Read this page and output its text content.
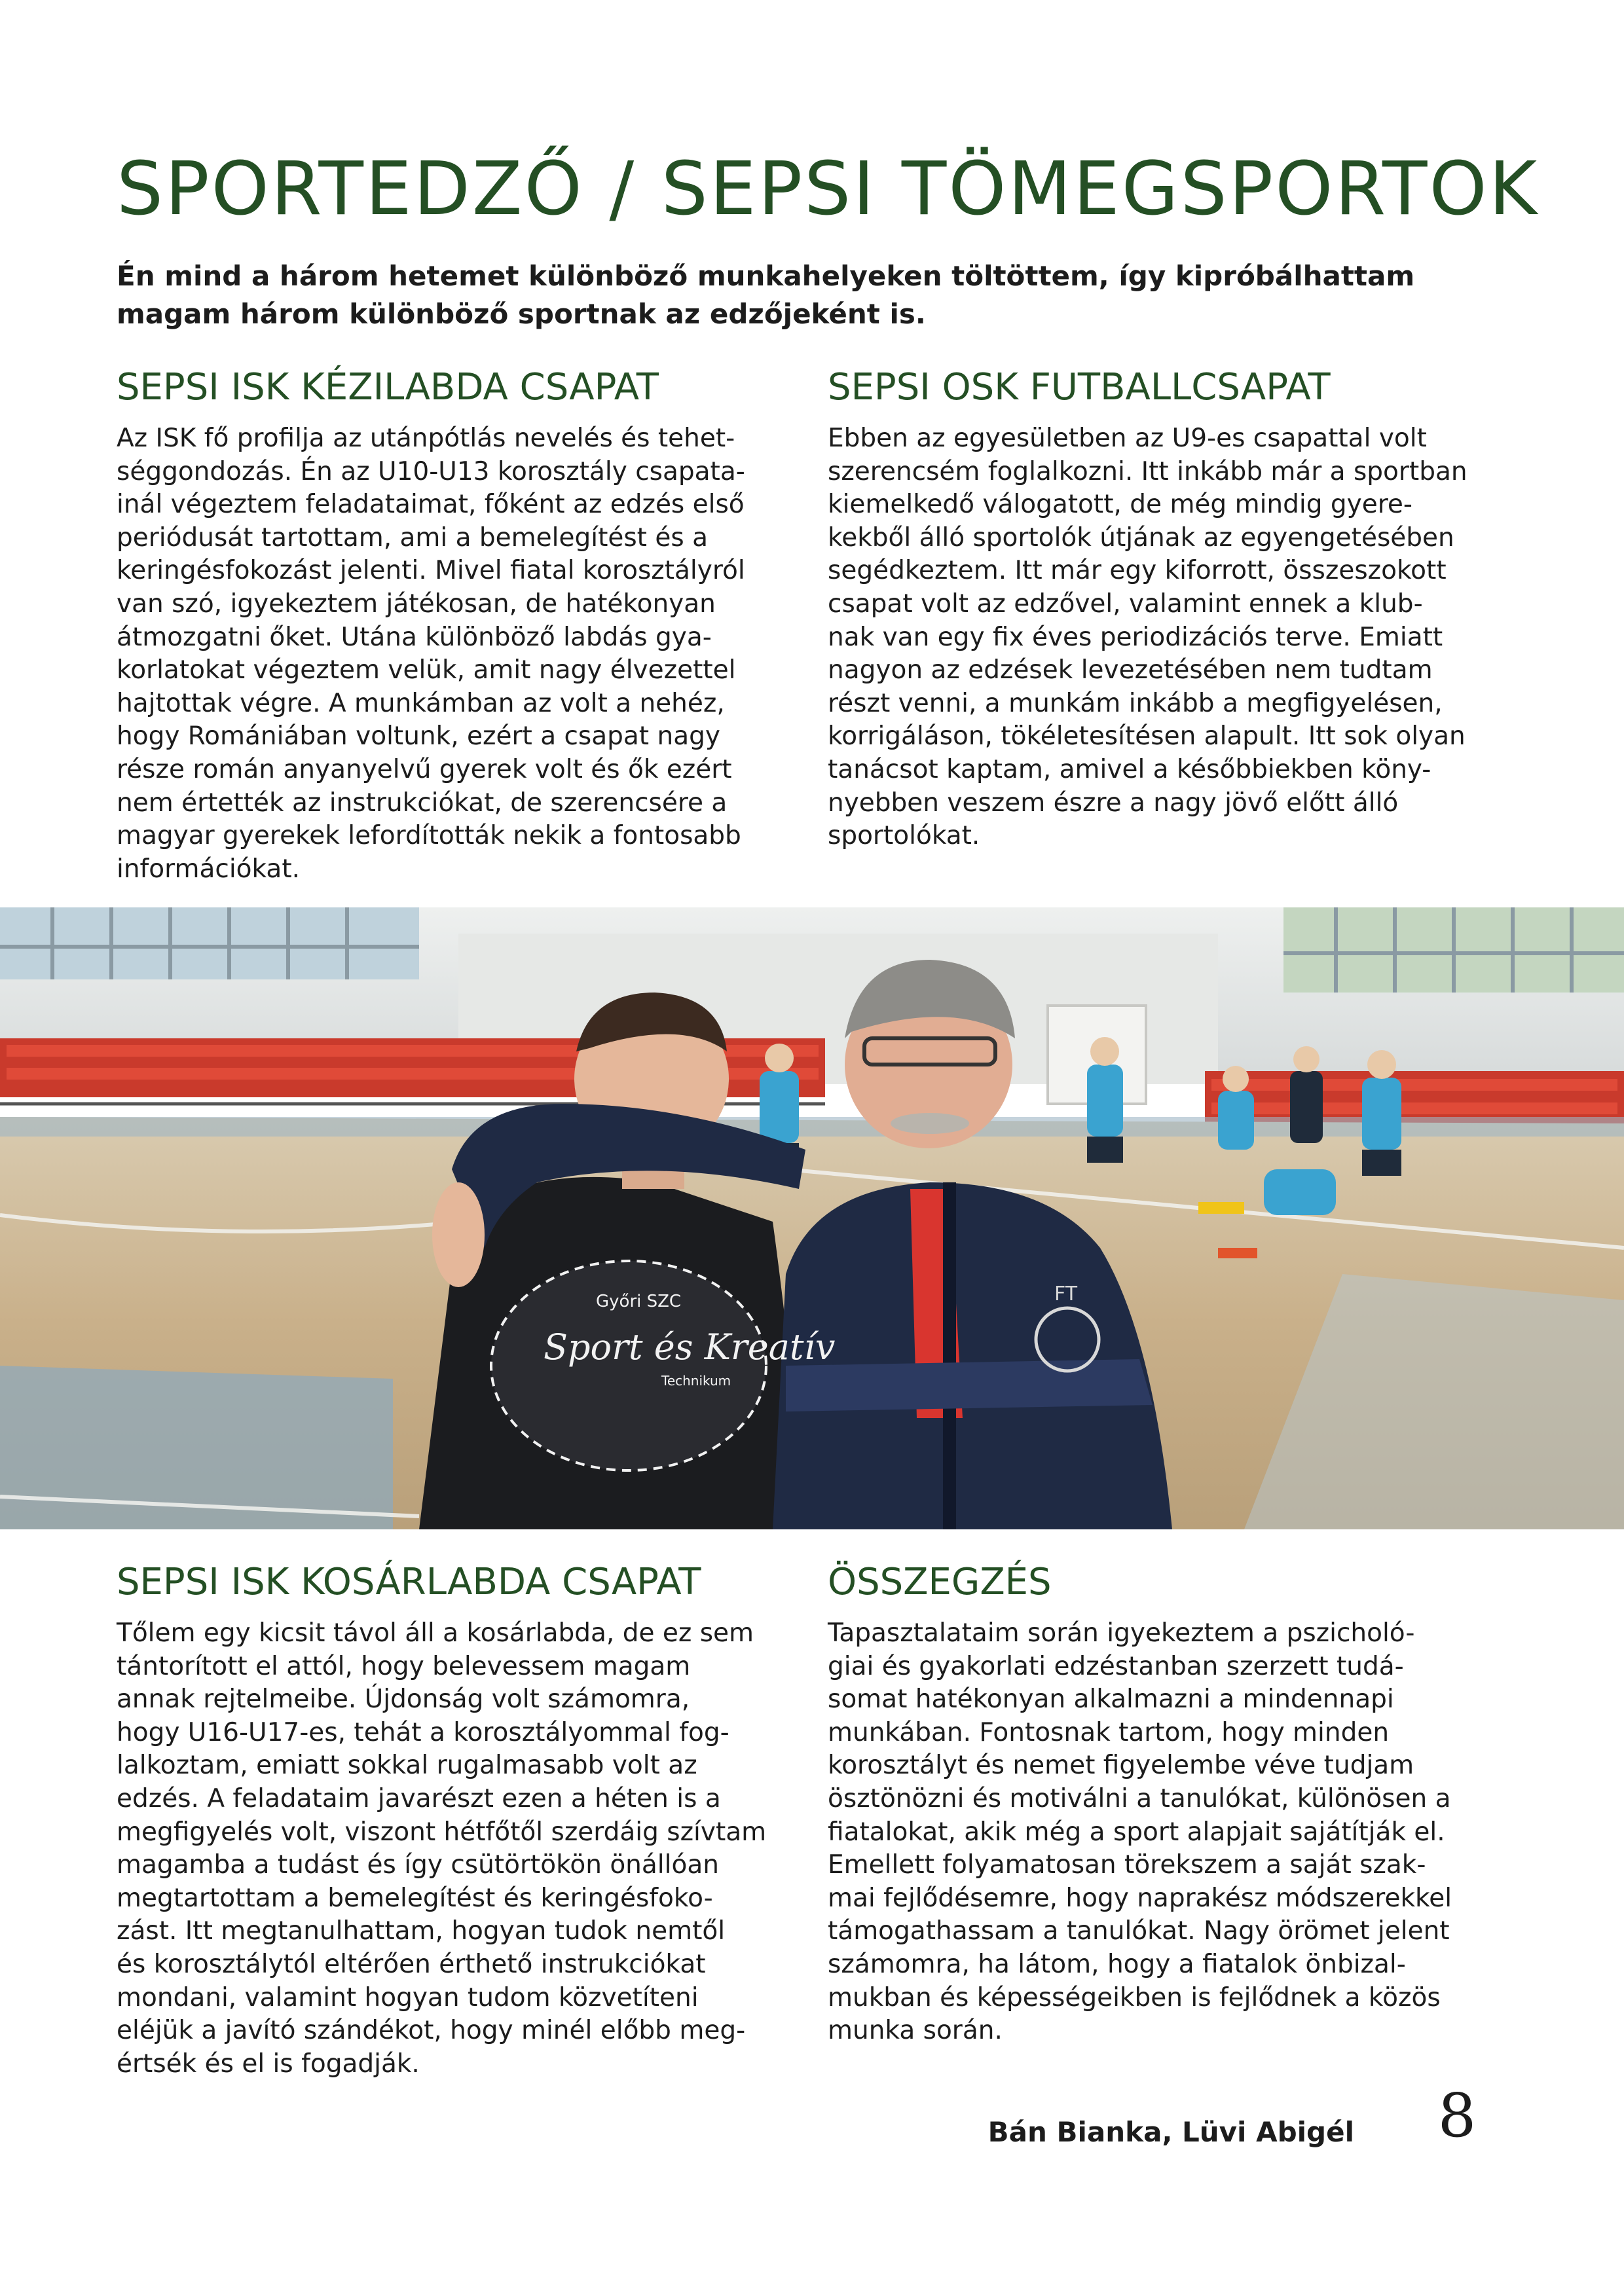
SPORTEDZŐ / SEPSI TÖMEGSPORTOK
Én mind a három hetemet különböző munkahelyeken töltöttem, így kipróbálhattam magam három különböző sportnak az edzőjeként is.
SEPSI ISK KÉZILABDA CSAPAT

Az ISK fő profilja az utánpótlás nevelés és tehet-
séggondozás. Én az U10-U13 korosztály csapata-
inál végeztem feladataimat, főként az edzés első
periódusát tartottam, ami a bemelegítést és a
keringésfokozást jelenti. Mivel fiatal korosztályról
van szó, igyekeztem játékosan, de hatékonyan
átmozgatni őket. Utána különböző labdás gya-
korlatokat végeztem velük, amit nagy élvezettel
hajtottak végre. A munkámban az volt a nehéz,
hogy Romániában voltunk, ezért a csapat nagy
része román anyanyelvű gyerek volt és ők ezért
nem értették az instrukciókat, de szerencsére a
magyar gyerekek lefordították nekik a fontosabb
információkat.

SEPSI OSK FUTBALLCSAPAT

Ebben az egyesületben az U9-es csapattal volt
szerencsém foglalkozni. Itt inkább már a sportban
kiemelkedő válogatott, de még mindig gyere-
kekből álló sportolók útjának az egyengetésében
segédkeztem. Itt már egy kiforrott, összeszokott
csapat volt az edzővel, valamint ennek a klub-
nak van egy fix éves periodizációs terve. Emiatt
nagyon az edzések levezetésében nem tudtam
részt venni, a munkám inkább a megfigyelésen,
korrigáláson, tökéletesítésen alapult. Itt sok olyan
tanácsot kaptam, amivel a későbbiekben köny-
nyebben veszem észre a nagy jövő előtt álló
sportolókat.

Győri SZC
Sport és Kreatív
Technikum
FT
SEPSI ISK KOSÁRLABDA CSAPAT

Tőlem egy kicsit távol áll a kosárlabda, de ez sem
tántorított el attól, hogy belevessem magam
annak rejtelmeibe. Újdonság volt számomra,
hogy U16-U17-es, tehát a korosztályommal fog-
lalkoztam, emiatt sokkal rugalmasabb volt az
edzés. A feladataim javarészt ezen a héten is a
megfigyelés volt, viszont hétfőtől szerdáig szívtam
magamba a tudást és így csütörtökön önállóan
megtartottam a bemelegítést és keringésfoko-
zást. Itt megtanulhattam, hogyan tudok nemtől
és korosztálytól eltérően érthető instrukciókat
mondani, valamint hogyan tudom közvetíteni
eléjük a javító szándékot, hogy minél előbb meg-
értsék és el is fogadják.

ÖSSZEGZÉS

Tapasztalataim során igyekeztem a pszicholó-
giai és gyakorlati edzéstanban szerzett tudá-
somat hatékonyan alkalmazni a mindennapi
munkában. Fontosnak tartom, hogy minden
korosztályt és nemet figyelembe véve tudjam
ösztönözni és motiválni a tanulókat, különösen a
fiatalokat, akik még a sport alapjait sajátítják el.
Emellett folyamatosan törekszem a saját szak-
mai fejlődésemre, hogy naprakész módszerekkel
támogathassam a tanulókat. Nagy örömet jelent
számomra, ha látom, hogy a fiatalok önbizal-
mukban és képességeikben is fejlődnek a közös
munka során.

Bán Bianka, Lüvi Abigél 8
